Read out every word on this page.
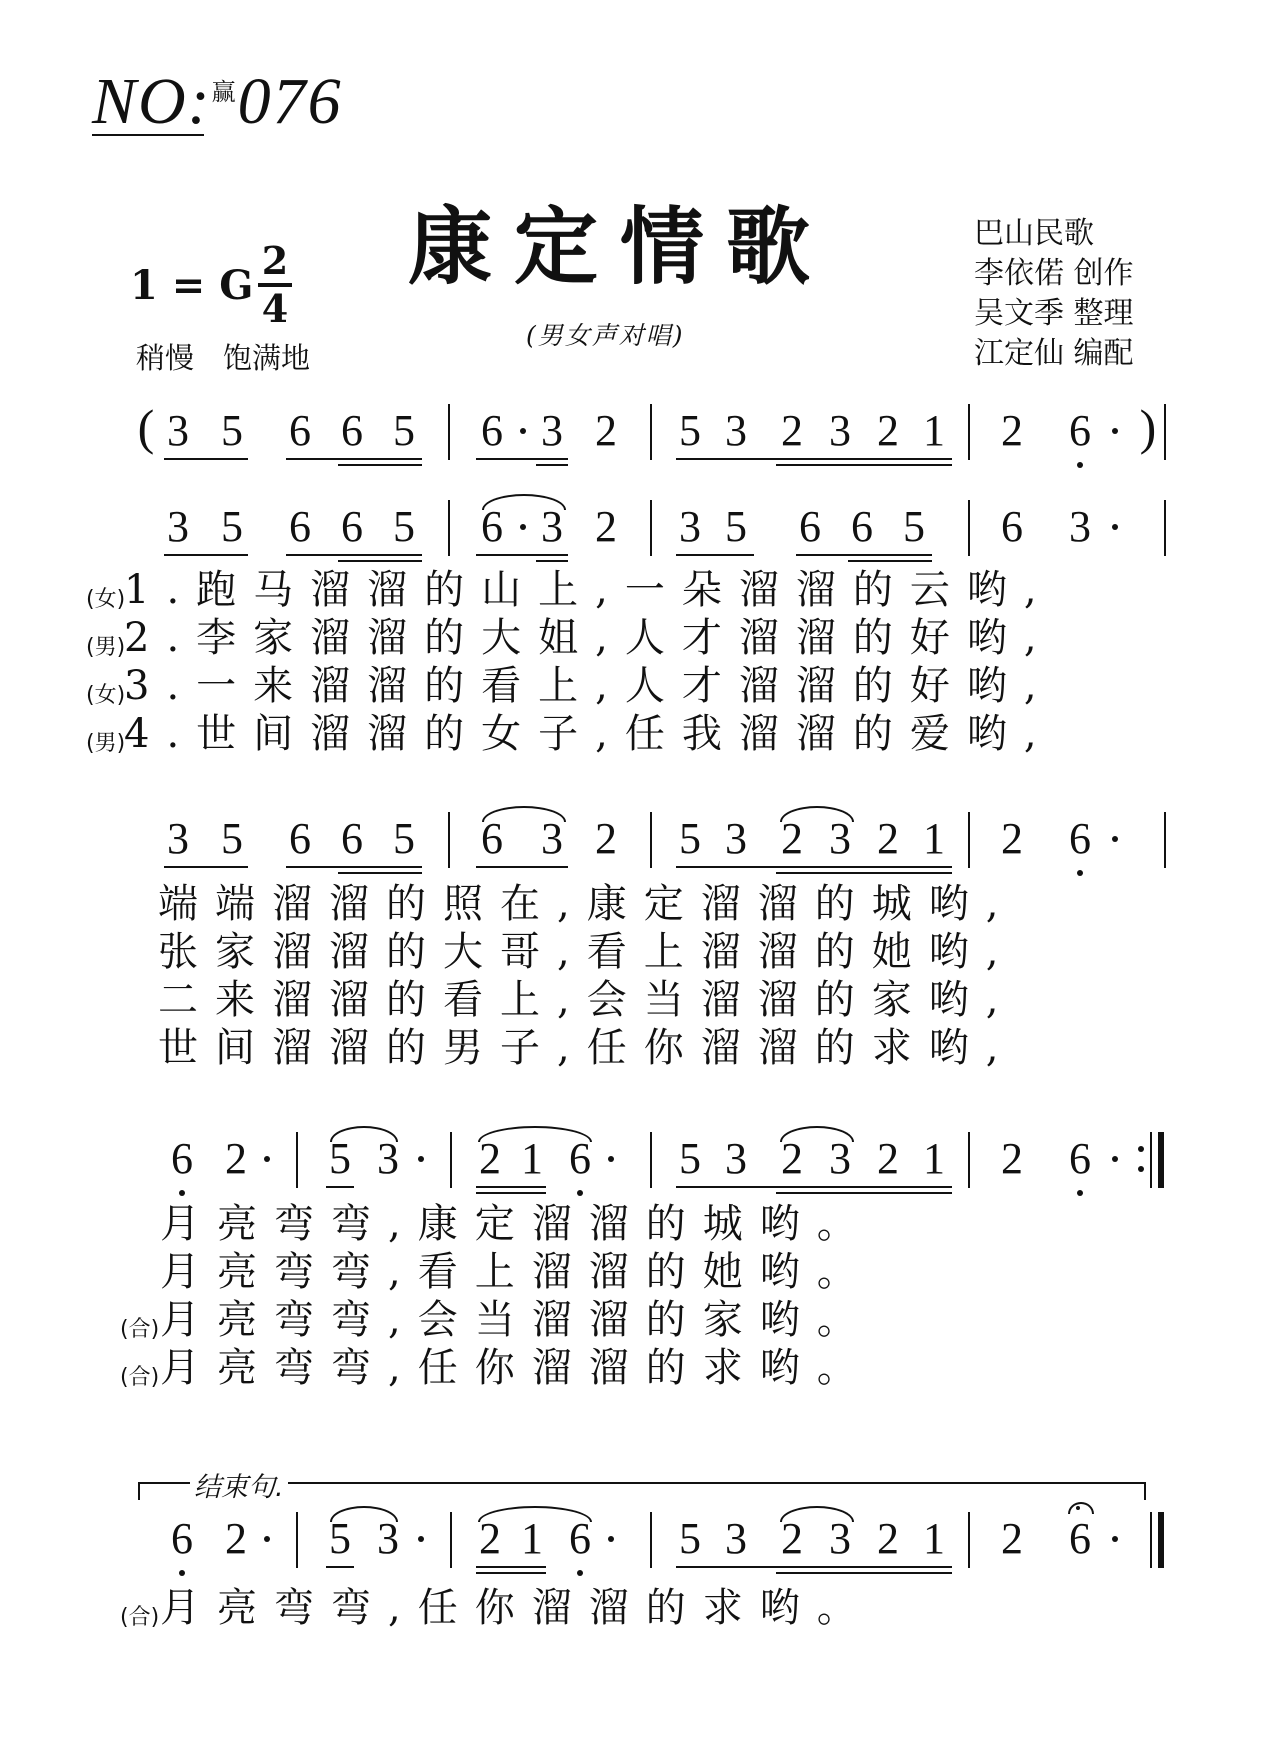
NO:$^赢$076
康定情歌
(男女声对唱)
巴山民歌
李依偌 创作
吴文季 整理
江定仙 编配
1 = G
2
4
稍慢　饱满地
( 3 5 6 6 5 6 3 2 5 3 2 3 2 1 2 6 )
3 5 6 6 5 6 3 2 3 5 6 6 5 6 3
(女)
1.跑马溜溜的山上,一朵溜溜的云哟,
(男)
2.李家溜溜的大姐,人才溜溜的好哟,
(女)
3.一来溜溜的看上,人才溜溜的好哟,
(男)
4.世间溜溜的女子,任我溜溜的爱哟,
3 5 6 6 5 6 3 2 5 3 2 3 2 1 2 6
端端溜溜的照在,康定溜溜的城哟,
张家溜溜的大哥,看上溜溜的她哟,
二来溜溜的看上,会当溜溜的家哟,
世间溜溜的男子,任你溜溜的求哟,
6 2 5 3 2 1 6 5 3 2 3 2 1 2 6
月亮弯弯,康定溜溜的城哟。
月亮弯弯,看上溜溜的她哟。
(合) 月亮弯弯,会当溜溜的家哟。
(合) 月亮弯弯,任你溜溜的求哟。
结束句.
6 2 5 3 2 1 6 5 3 2 3 2 1 2 6
(合) 月亮弯弯,任你溜溜的求哟。
